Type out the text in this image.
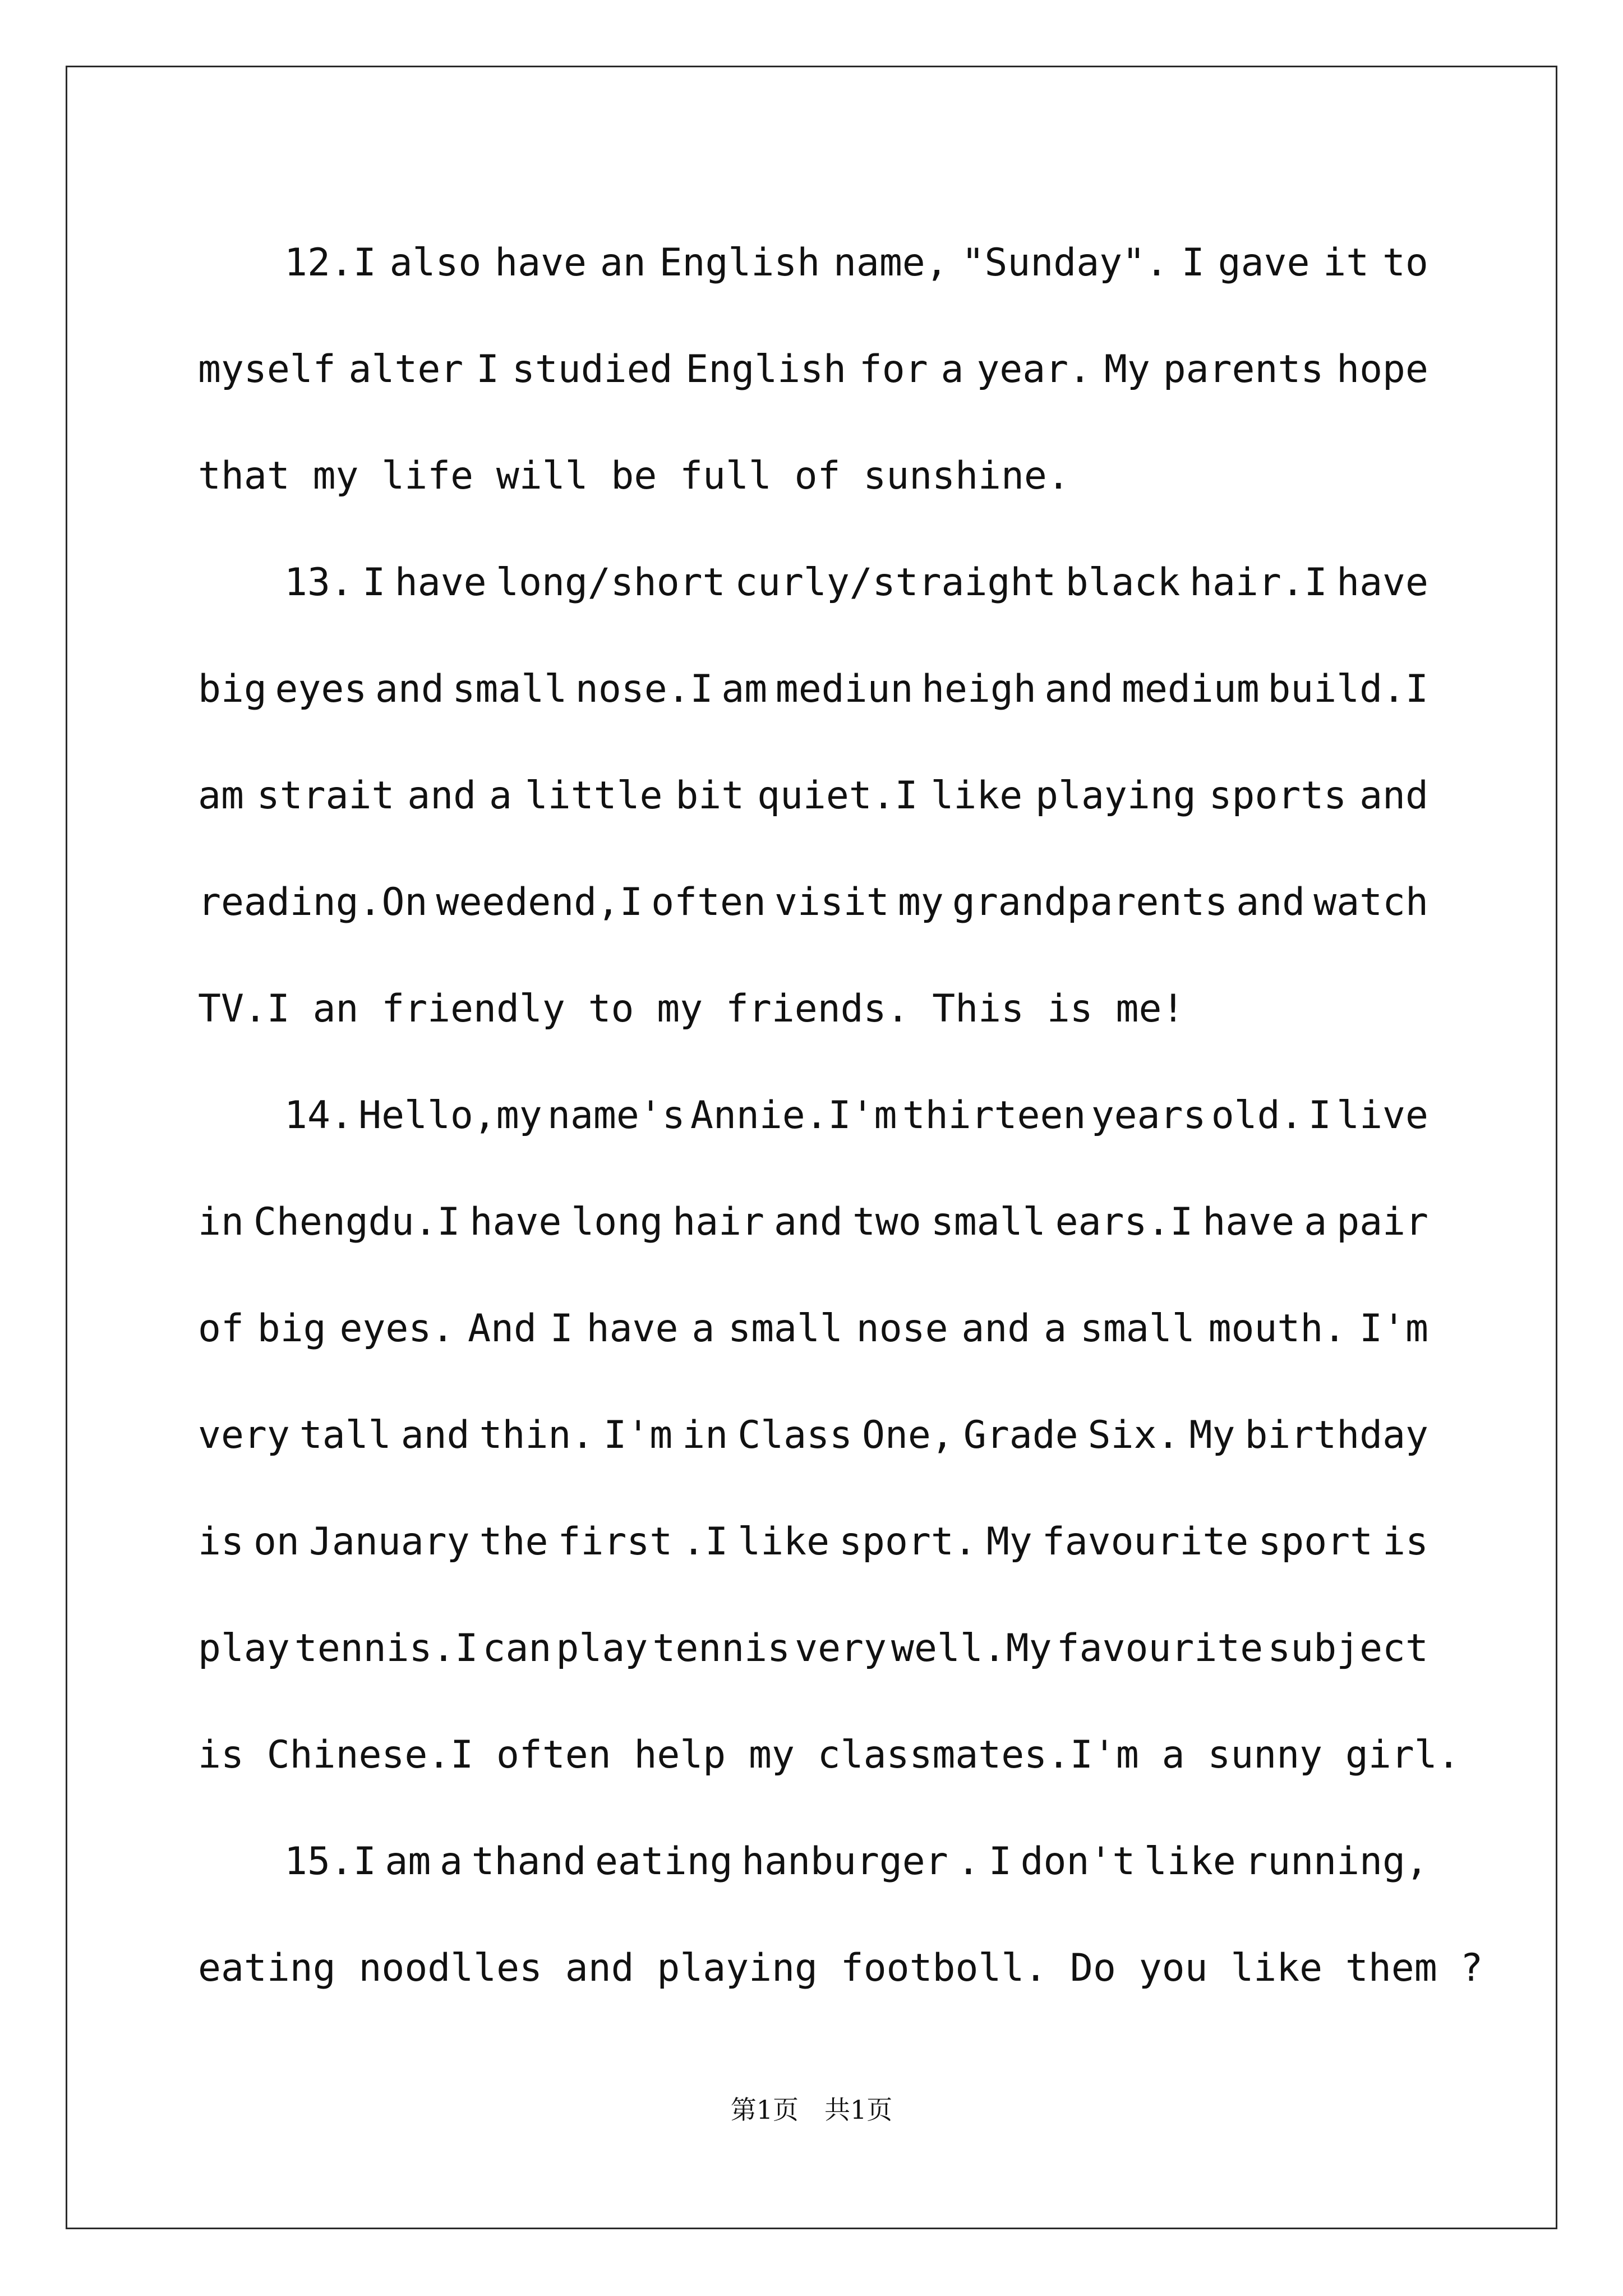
12.I also have an English name, "Sunday". I gave it to
myself alter I studied English for a year. My parents hope
that my life will be full of sunshine.
13. I have long/short curly/straight black hair.I have
big eyes and small nose.I am mediun heigh and medium build.I
am strait and a little bit quiet.I like playing sports and
reading.On weedend,I often visit my grandparents and watch
TV.I an friendly to my friends. This is me!
14. Hello,my name's Annie.I'm thirteen years old. I live
in Chengdu.I have long hair and two small ears.I have a pair
of big eyes. And I have a small nose and a small mouth. I'm
very tall and thin. I'm in Class One, Grade Six. My birthday
is on January the first .I like sport. My favourite sport is
play tennis.I can play tennis very well.My favourite subject
is Chinese.I often help my classmates.I'm a sunny girl.
15.I am a thand eating hanburger . I don't like running,
eating noodlles and playing footboll. Do you like them ?
第1页　共1页
